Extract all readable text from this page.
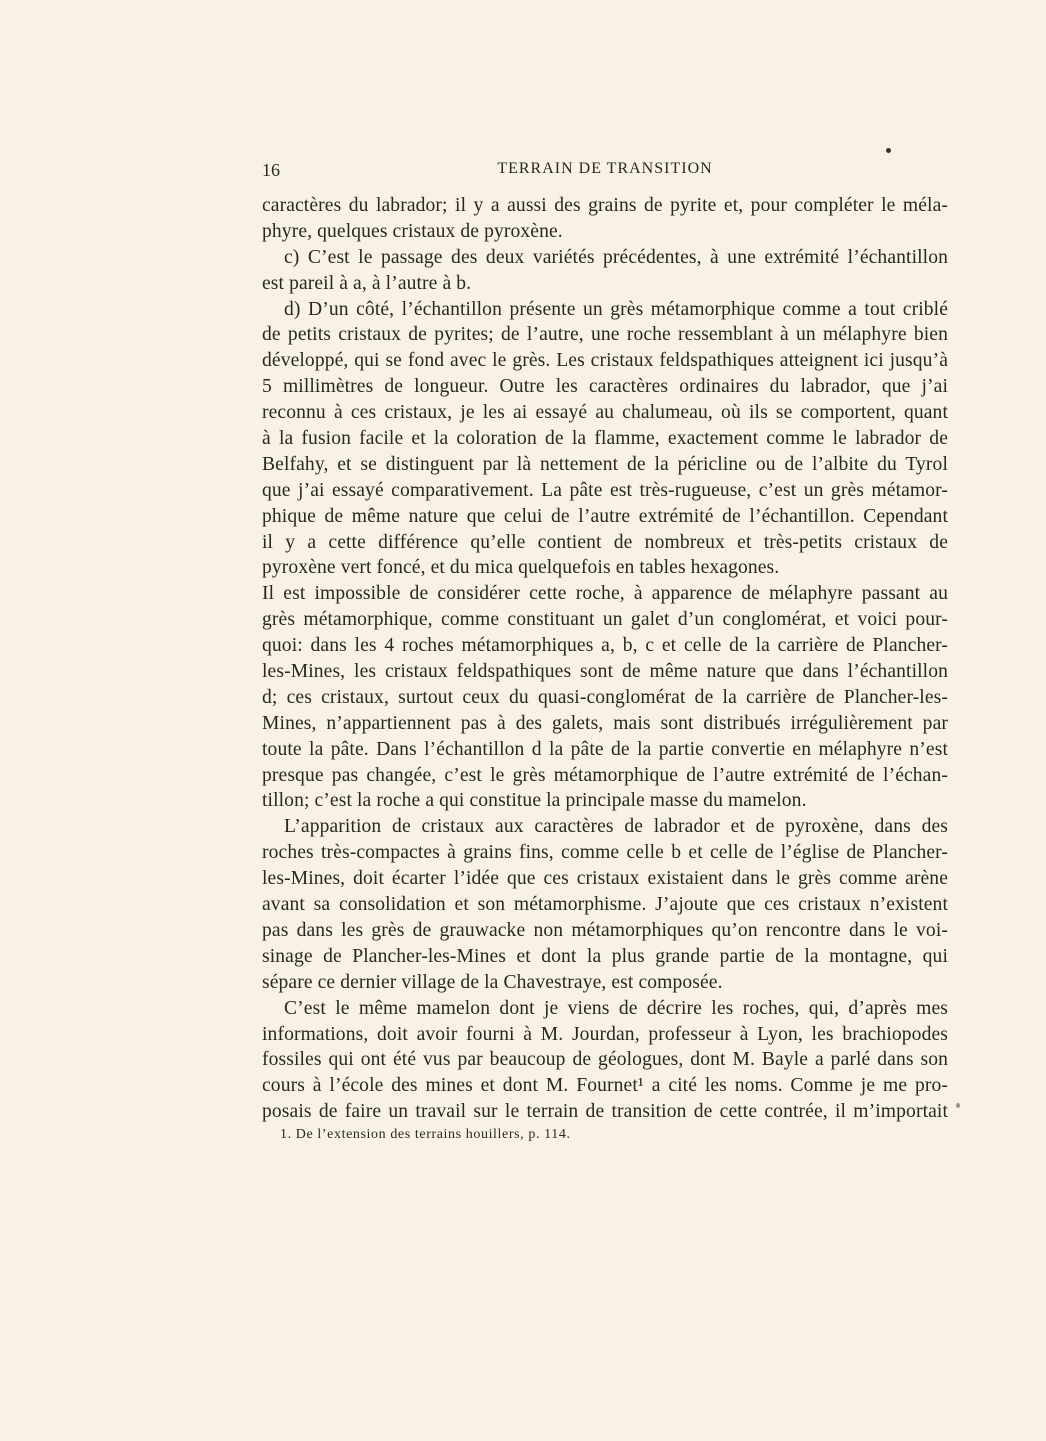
16	TERRAIN DE TRANSITION
caractères du labrador; il y a aussi des grains de pyrite et, pour compléter le méla-
phyre, quelques cristaux de pyroxène.
c) C’est le passage des deux variétés précédentes, à une extrémité l’échantillon
est pareil à a, à l’autre à b.
d) D’un côté, l’échantillon présente un grès métamorphique comme a tout criblé
de petits cristaux de pyrites; de l’autre, une roche ressemblant à un mélaphyre bien
développé, qui se fond avec le grès. Les cristaux feldspathiques atteignent ici jusqu’à
5 millimètres de longueur. Outre les caractères ordinaires du labrador, que j’ai
reconnu à ces cristaux, je les ai essayé au chalumeau, où ils se comportent, quant
à la fusion facile et la coloration de la flamme, exactement comme le labrador de
Belfahy, et se distinguent par là nettement de la péricline ou de l’albite du Tyrol
que j’ai essayé comparativement. La pâte est très-rugueuse, c’est un grès métamor-
phique de même nature que celui de l’autre extrémité de l’échantillon. Cependant
il y a cette différence qu’elle contient de nombreux et très-petits cristaux de
pyroxène vert foncé, et du mica quelquefois en tables hexagones.
Il est impossible de considérer cette roche, à apparence de mélaphyre passant au
grès métamorphique, comme constituant un galet d’un conglomérat, et voici pour-
quoi: dans les 4 roches métamorphiques a, b, c et celle de la carrière de Plancher-
les-Mines, les cristaux feldspathiques sont de même nature que dans l’échantillon
d; ces cristaux, surtout ceux du quasi-conglomérat de la carrière de Plancher-les-
Mines, n’appartiennent pas à des galets, mais sont distribués irrégulièrement par
toute la pâte. Dans l’échantillon d la pâte de la partie convertie en mélaphyre n’est
presque pas changée, c’est le grès métamorphique de l’autre extrémité de l’échan-
tillon; c’est la roche a qui constitue la principale masse du mamelon.
L’apparition de cristaux aux caractères de labrador et de pyroxène, dans des
roches très-compactes à grains fins, comme celle b et celle de l’église de Plancher-
les-Mines, doit écarter l’idée que ces cristaux existaient dans le grès comme arène
avant sa consolidation et son métamorphisme. J’ajoute que ces cristaux n’existent
pas dans les grès de grauwacke non métamorphiques qu’on rencontre dans le voi-
sinage de Plancher-les-Mines et dont la plus grande partie de la montagne, qui
sépare ce dernier village de la Chavestraye, est composée.
C’est le même mamelon dont je viens de décrire les roches, qui, d’après mes
informations, doit avoir fourni à M. Jourdan, professeur à Lyon, les brachiopodes
fossiles qui ont été vus par beaucoup de géologues, dont M. Bayle a parlé dans son
cours à l’école des mines et dont M. Fournet¹ a cité les noms. Comme je me pro-
posais de faire un travail sur le terrain de transition de cette contrée, il m’importait
1. De l’extension des terrains houillers, p. 114.
